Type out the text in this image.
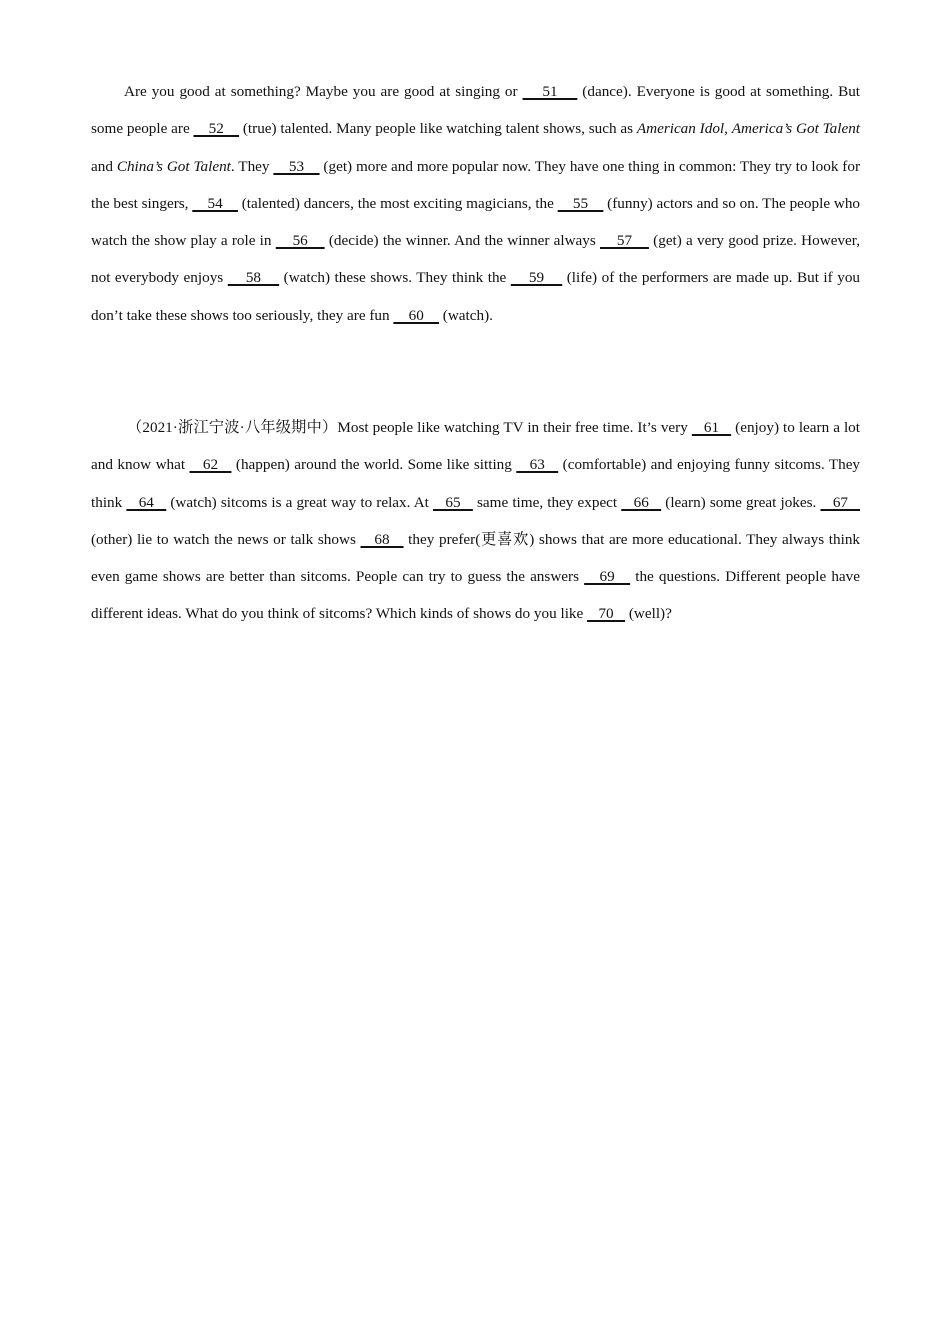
Are you good at something? Maybe you are good at singing or     51     (dance). Everyone is good at something. But some people are     52     (true) talented. Many people like watching talent shows, such as American Idol, America’s Got Talent and China’s Got Talent. They     53     (get) more and more popular now. They have one thing in common: They try to look for the best singers,     54     (talented) dancers, the most exciting magicians, the     55     (funny) actors and so on. The people who watch the show play a role in     56     (decide) the winner. And the winner always     57     (get) a very good prize. However, not everybody enjoys     58     (watch) these shows. They think the     59     (life) of the performers are made up. But if you don’t take these shows too seriously, they are fun     60     (watch).

（2021·浙江宁波·八年级期中）Most people like watching TV in their free time. It’s very    61    (enjoy) to learn a lot and know what    62    (happen) around the world. Some like sitting    63    (comfortable) and enjoying funny sitcoms. They think    64    (watch) sitcoms is a great way to relax. At    65    same time, they expect    66    (learn) some great jokes.    67    (other) lie to watch the news or talk shows    68    they prefer(更喜欢) shows that are more educational. They always think even game shows are better than sitcoms. People can try to guess the answers    69    the questions. Different people have different ideas. What do you think of sitcoms? Which kinds of shows do you like    70    (well)?
